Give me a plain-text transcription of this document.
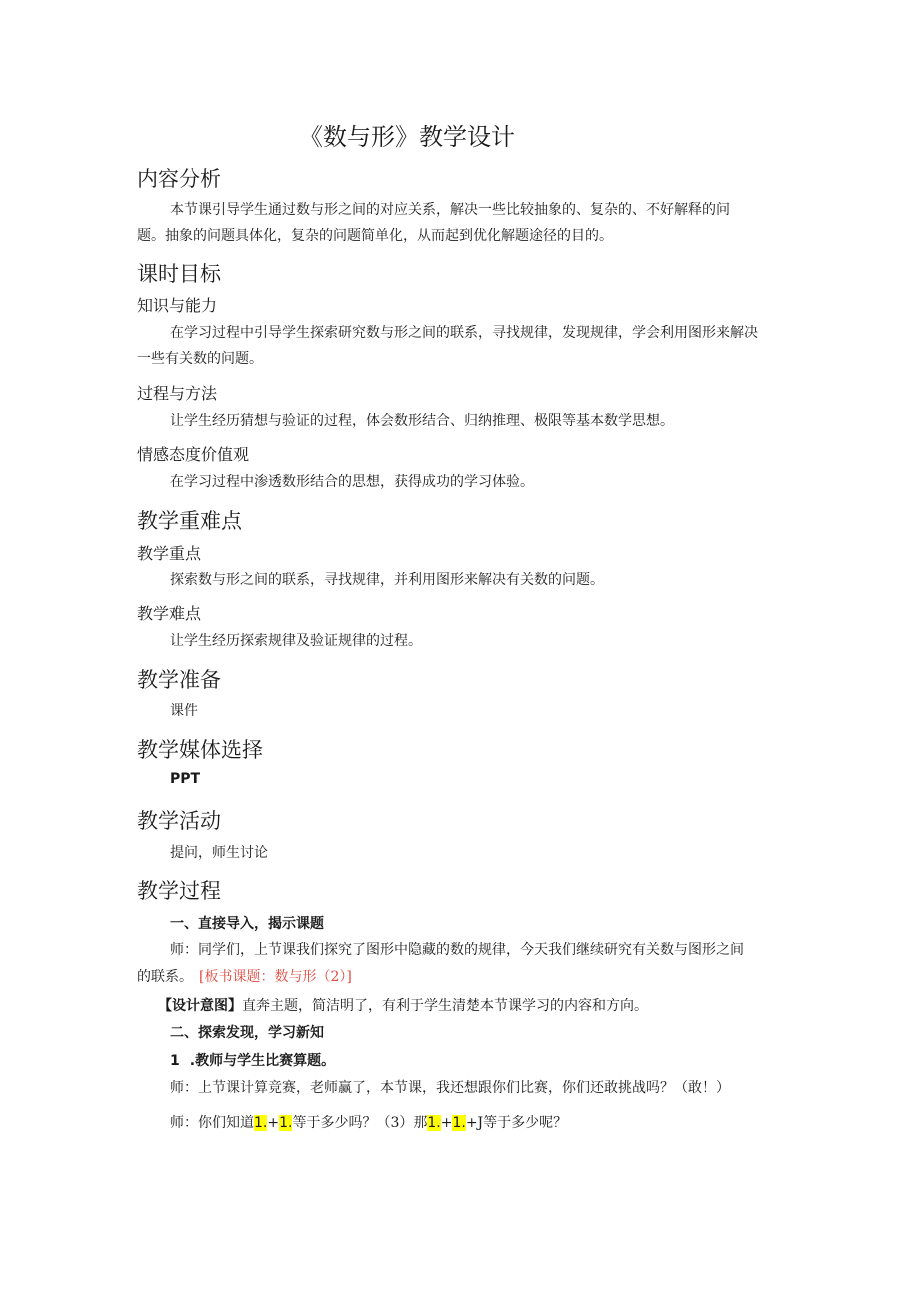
《数与形》教学设计
内容分析
本节课引导学生通过数与形之间的对应关系，解决一些比较抽象的、复杂的、不好解释的问
题。抽象的问题具体化，复杂的问题简单化，从而起到优化解题途径的目的。
课时目标
知识与能力
在学习过程中引导学生探索研究数与形之间的联系，寻找规律，发现规律，学会利用图形来解决
一些有关数的问题。
过程与方法
让学生经历猜想与验证的过程，体会数形结合、归纳推理、极限等基本数学思想。
情感态度价值观
在学习过程中渗透数形结合的思想，获得成功的学习体验。
教学重难点
教学重点
探索数与形之间的联系，寻找规律，并利用图形来解决有关数的问题。
教学难点
让学生经历探索规律及验证规律的过程。
教学准备
课件
教学媒体选择
PPT
教学活动
提问，师生讨论
教学过程
一、直接导入，揭示课题
师：同学们，上节课我们探究了图形中隐藏的数的规律，今天我们继续研究有关数与图形之间
的联系。 [板书课题：数与形（2）]
【设计意图】直奔主题，简洁明了，有利于学生清楚本节课学习的内容和方向。
二、探索发现，学习新知
1 .教师与学生比赛算题。
师：上节课计算竞赛，老师赢了，本节课，我还想跟你们比赛，你们还敢挑战吗？（敢！）
师：你们知道1.+1.等于多少吗？（3）那1.+1.+J等于多少呢？
